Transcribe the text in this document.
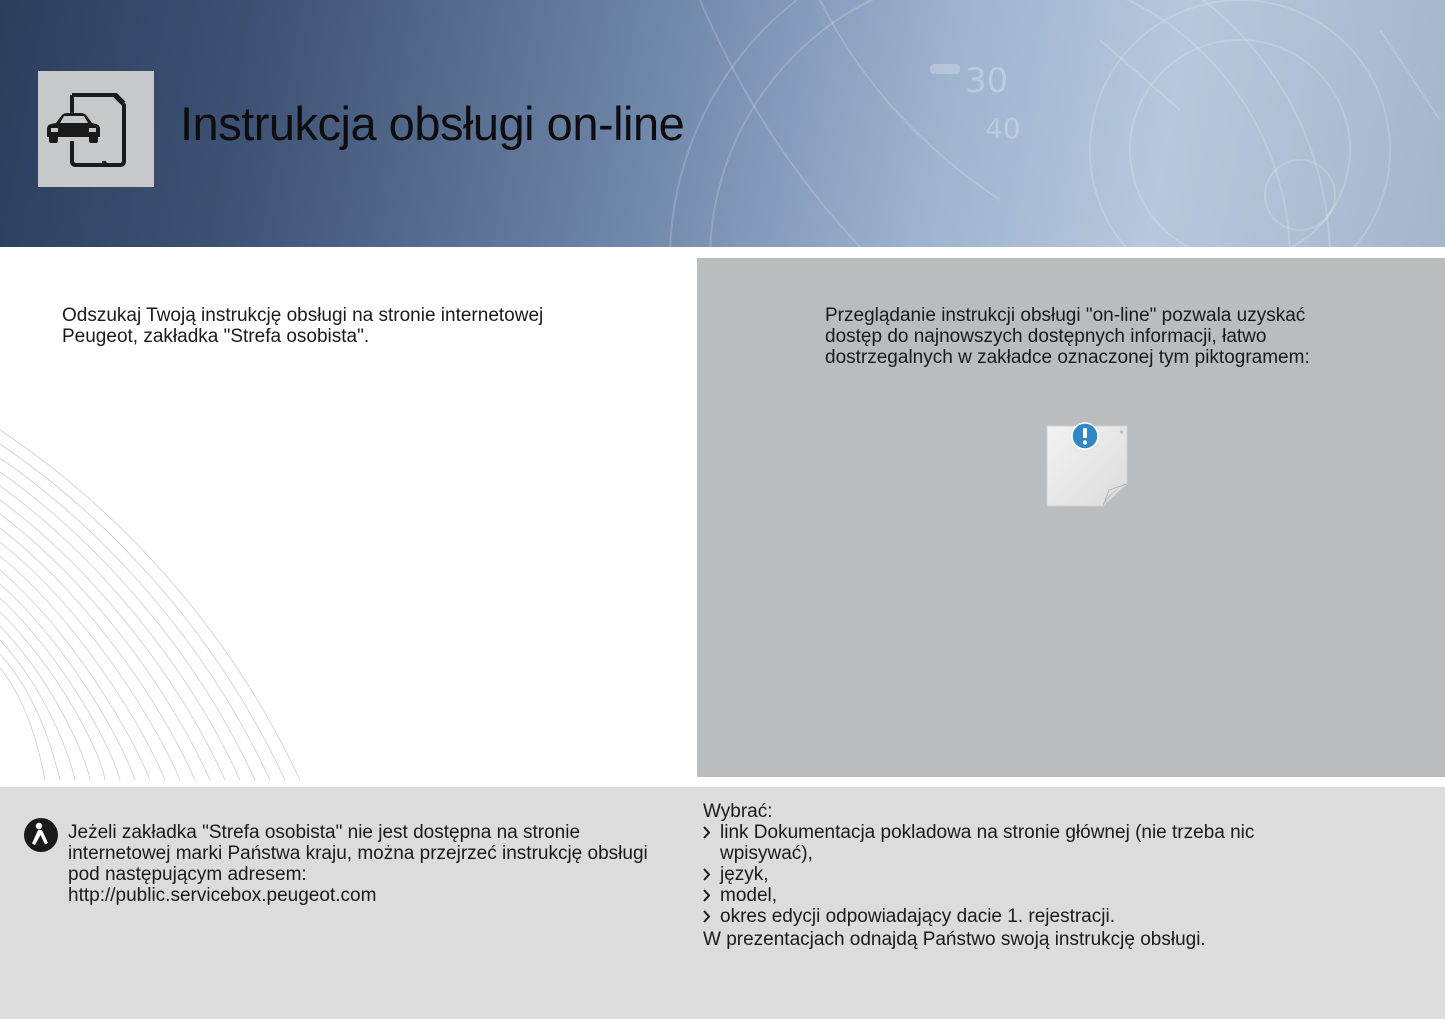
30
40
Instrukcja obsługi on-line

Odszukaj Twoją instrukcję obsługi na stronie internetowej
Peugeot, zakładka "Strefa osobista".

Przeglądanie instrukcji obsługi "on-line" pozwala uzyskać
dostęp do najnowszych dostępnych informacji, łatwo
dostrzegalnych w zakładce oznaczonej tym piktogramem:

×

Jeżeli zakładka "Strefa osobista" nie jest dostępna na stronie
internetowej marki Państwa kraju, można przejrzeć instrukcję obsługi
pod następującym adresem:
http://public.servicebox.peugeot.com

Wybrać:
link Dokumentacja pokladowa na stronie głównej (nie trzeba nic
wpisywać),
język,
model,
okres edycji odpowiadający dacie 1. rejestracji.
W prezentacjach odnajdą Państwo swoją instrukcję obsługi.
